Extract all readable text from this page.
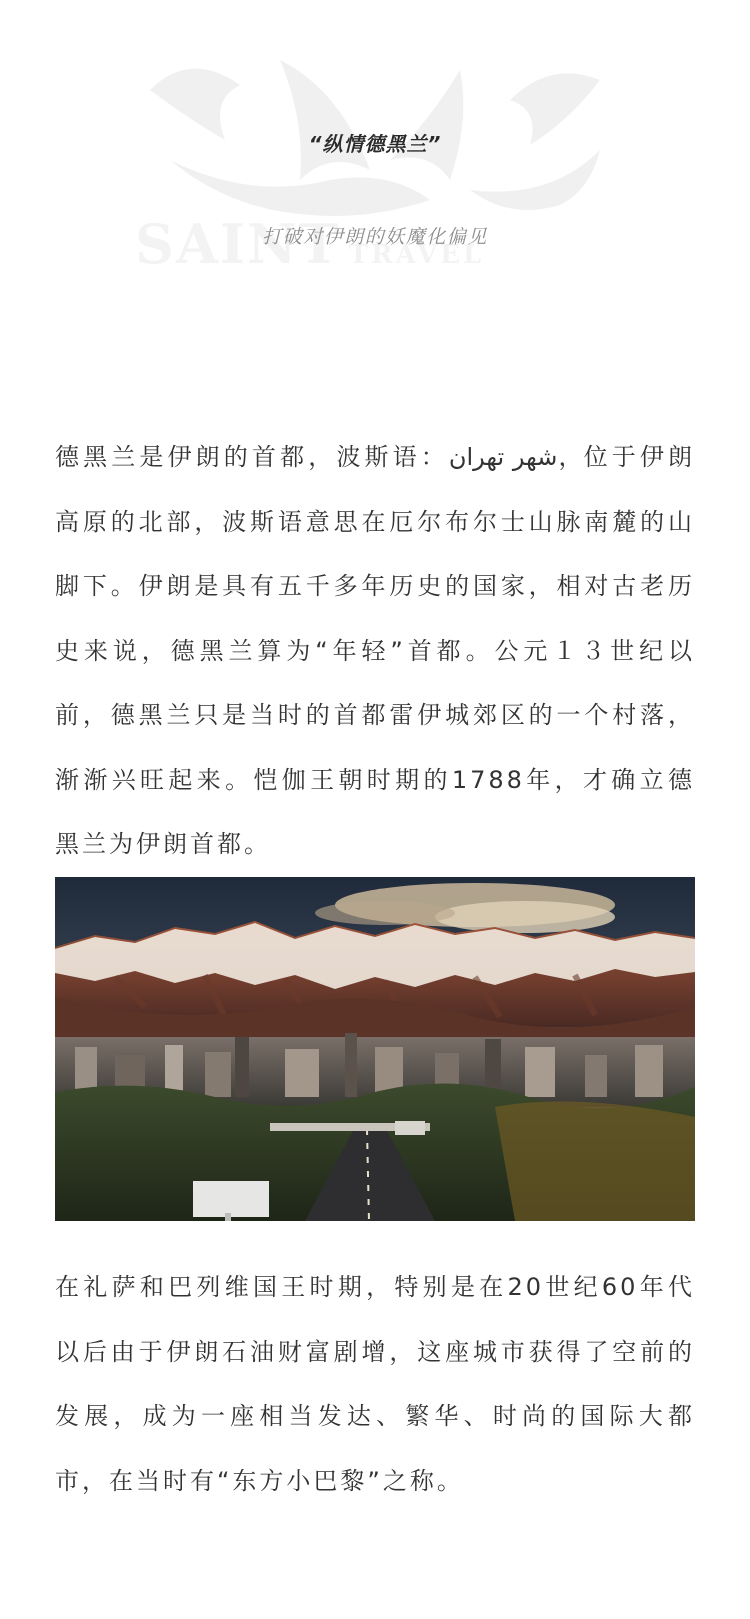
“纵情德黑兰”
打破对伊朗的妖魔化偏见

德黑兰是伊朗的首都，波斯语：شهر تهران，位于伊朗高原的北部，波斯语意思在厄尔布尔士山脉南麓的山脚下。伊朗是具有五千多年历史的国家，相对古老历史来说，德黑兰算为“年轻”首都。公元１３世纪以前，德黑兰只是当时的首都雷伊城郊区的一个村落，渐渐兴旺起来。恺伽王朝时期的1788年，才确立德黑兰为伊朗首都。

在礼萨和巴列维国王时期，特别是在20世纪60年代以后由于伊朗石油财富剧增，这座城市获得了空前的发展，成为一座相当发达、繁华、时尚的国际大都市，在当时有“东方小巴黎”之称。
